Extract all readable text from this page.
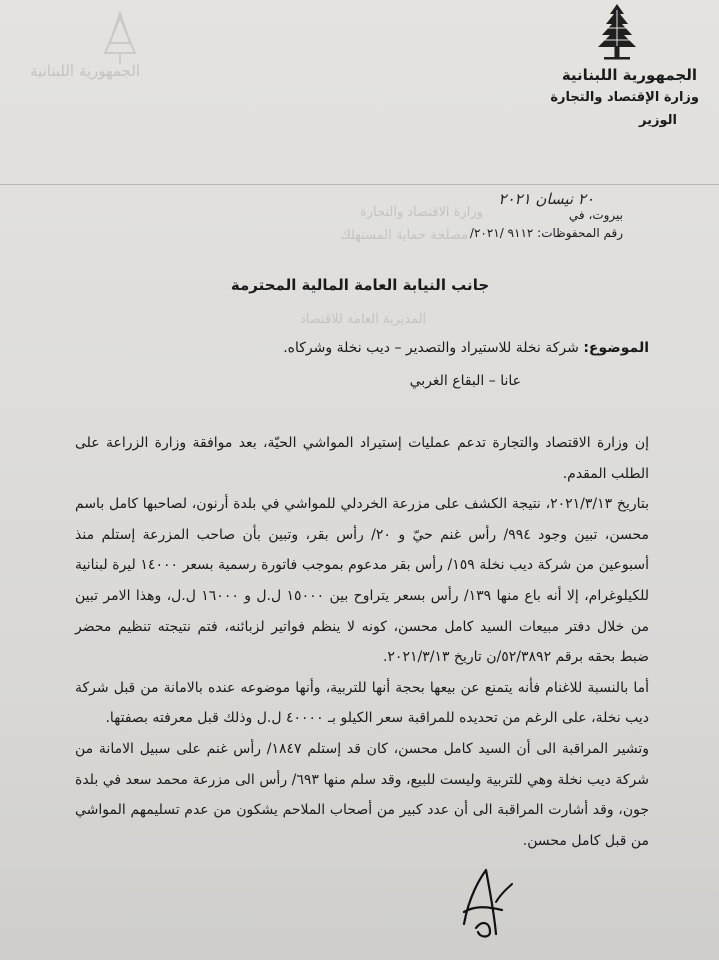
الجمهورية اللبنانية
وزارة الاقتصاد والتجارة
مصلحة حماية المستهلك
المديرية العامة للاقتصاد
الجمهورية اللبنانية
وزارة الإقتصاد والتجارة
الوزير
٢٠ نيسان ٢٠٢١
بيروت، في
رقم المحفوظات: ٩١١٢ /٢٠٢١/
جانب النيابة العامة المالية المحترمة
الموضوع: شركة نخلة للاستيراد والتصدير – ديب نخلة وشركاه.
عانا – البقاع الغربي

إن وزارة الاقتصاد والتجارة تدعم عمليات إستيراد المواشي الحيّة، بعد موافقة وزارة الزراعة على الطلب المقدم.

بتاريخ ٢٠٢١/٣/١٣، نتيجة الكشف على مزرعة الخردلي للمواشي في بلدة أرنون، لصاحبها كامل باسم محسن، تبين وجود ٩٩٤/ رأس غنم حيّ و ٢٠/ رأس بقر، وتبين بأن صاحب المزرعة إستلم منذ أسبوعين من شركة ديب نخلة ١٥٩/ رأس بقر مدعوم بموجب فاتورة رسمية بسعر ١٤٠٠٠ ليرة لبنانية للكيلوغرام، إلا أنه باع منها ١٣٩/ رأس بسعر يتراوح بين ١٥٠٠٠ ل.ل و ١٦٠٠٠ ل.ل، وهذا الامر تبين من خلال دفتر مبيعات السيد كامل محسن، كونه لا ينظم فواتير لزبائنه، فتم نتيجته تنظيم محضر ضبط بحقه برقم ٥٢/٣٨٩٢/ن تاريخ ٢٠٢١/٣/١٣.

أما بالنسبة للاغنام فأنه يتمنع عن بيعها بحجة أنها للتربية، وأنها موضوعه عنده بالامانة من قبل شركة ديب نخلة، على الرغم من تحديده للمراقبة سعر الكيلو بـ ٤٠٠٠٠ ل.ل وذلك قبل معرفته بصفتها.

وتشير المراقبة الى أن السيد كامل محسن، كان قد إستلم ١٨٤٧/ رأس غنم على سبيل الامانة من شركة ديب نخلة وهي للتربية وليست للبيع، وقد سلم منها ٦٩٣/ رأس الى مزرعة محمد سعد في بلدة جون، وقد أشارت المراقبة الى أن عدد كبير من أصحاب الملاحم يشكون من عدم تسليمهم المواشي من قبل كامل محسن.
